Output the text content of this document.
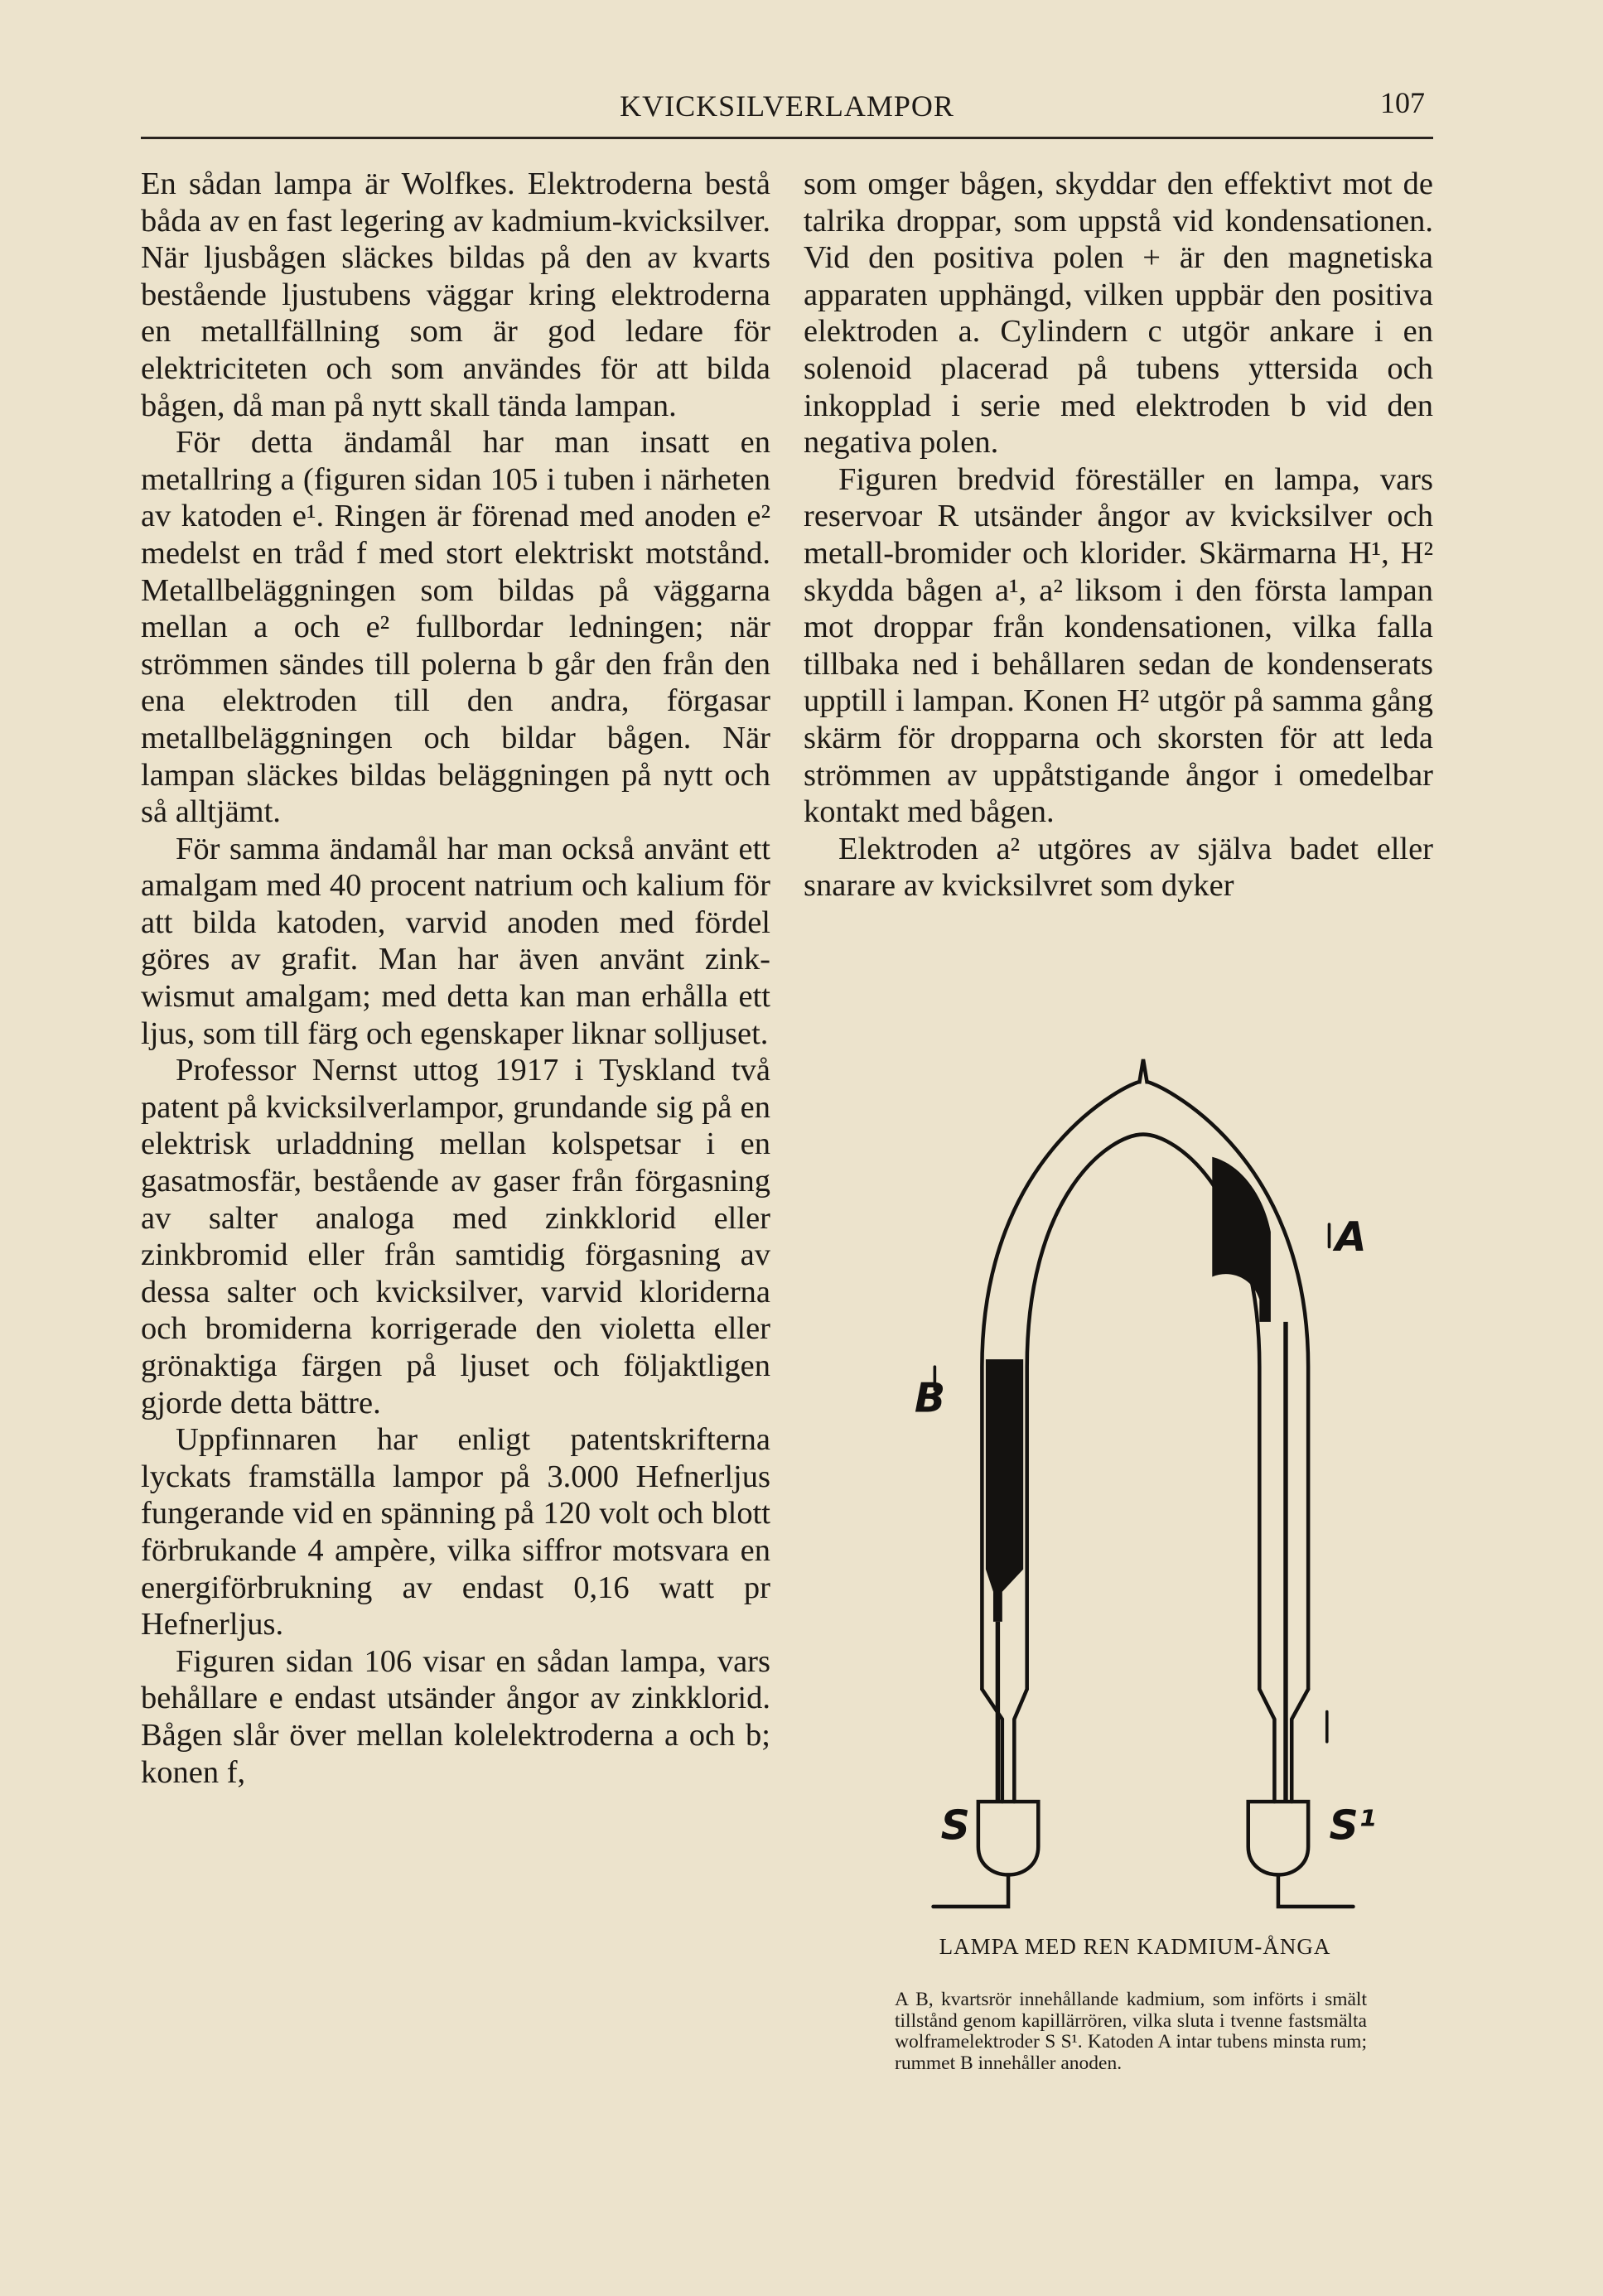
KVICKSILVERLAMPOR	107

En sådan lampa är Wolfkes. Elektroderna bestå båda av en fast legering av kadmium-kvicksilver. När ljusbågen släckes bildas på den av kvarts bestående ljustubens väggar kring elektroderna en metallfällning som är god ledare för elektriciteten och som användes för att bilda bågen, då man på nytt skall tända lampan.

För detta ändamål har man insatt en metallring a (figuren sidan 105 i tuben i närheten av katoden e¹. Ringen är förenad med anoden e² medelst en tråd f med stort elektriskt motstånd. Metallbeläggningen som bildas på väggarna mellan a och e² fullbordar ledningen; när strömmen sändes till polerna b går den från den ena elektroden till den andra, förgasar metallbeläggningen och bildar bågen. När lampan släckes bildas beläggningen på nytt och så alltjämt.

För samma ändamål har man också använt ett amalgam med 40 procent natrium och kalium för att bilda katoden, varvid anoden med fördel göres av grafit. Man har även använt zink-wismut amalgam; med detta kan man erhålla ett ljus, som till färg och egenskaper liknar solljuset.

Professor Nernst uttog 1917 i Tyskland två patent på kvicksilverlampor, grundande sig på en elektrisk urladdning mellan kolspetsar i en gasatmosfär, bestående av gaser från förgasning av salter analoga med zinkklorid eller zinkbromid eller från samtidig förgasning av dessa salter och kvicksilver, varvid kloriderna och bromiderna korrigerade den violetta eller grönaktiga färgen på ljuset och följaktligen gjorde detta bättre.

Uppfinnaren har enligt patentskrifterna lyckats framställa lampor på 3.000 Hefnerljus fungerande vid en spänning på 120 volt och blott förbrukande 4 ampère, vilka siffror motsvara en energiförbrukning av endast 0,16 watt pr Hefnerljus.

Figuren sidan 106 visar en sådan lampa, vars behållare e endast utsänder ångor av zinkklorid. Bågen slår över mellan kolelektroderna a och b; konen f,

som omger bågen, skyddar den effektivt mot de talrika droppar, som uppstå vid kondensationen. Vid den positiva polen + är den magnetiska apparaten upphängd, vilken uppbär den positiva elektroden a. Cylindern c utgör ankare i en solenoid placerad på tubens yttersida och inkopplad i serie med elektroden b vid den negativa polen.

Figuren bredvid föreställer en lampa, vars reservoar R utsänder ångor av kvicksilver och metall-bromider och klorider. Skärmarna H¹, H² skydda bågen a¹, a² liksom i den första lampan mot droppar från kondensationen, vilka falla tillbaka ned i behållaren sedan de kondenserats upptill i lampan. Konen H² utgör på samma gång skärm för dropparna och skorsten för att leda strömmen av uppåtstigande ångor i omedelbar kontakt med bågen.

Elektroden a² utgöres av själva badet eller snarare av kvicksilvret som dyker

A
B
S	S¹
LAMPA MED REN KADMIUM-ÅNGA
A B, kvartsrör innehållande kadmium, som införts i smält tillstånd genom kapillärrören, vilka sluta i tvenne fastsmälta wolframelektroder S S¹. Katoden A intar tubens minsta rum; rummet B innehåller anoden.
